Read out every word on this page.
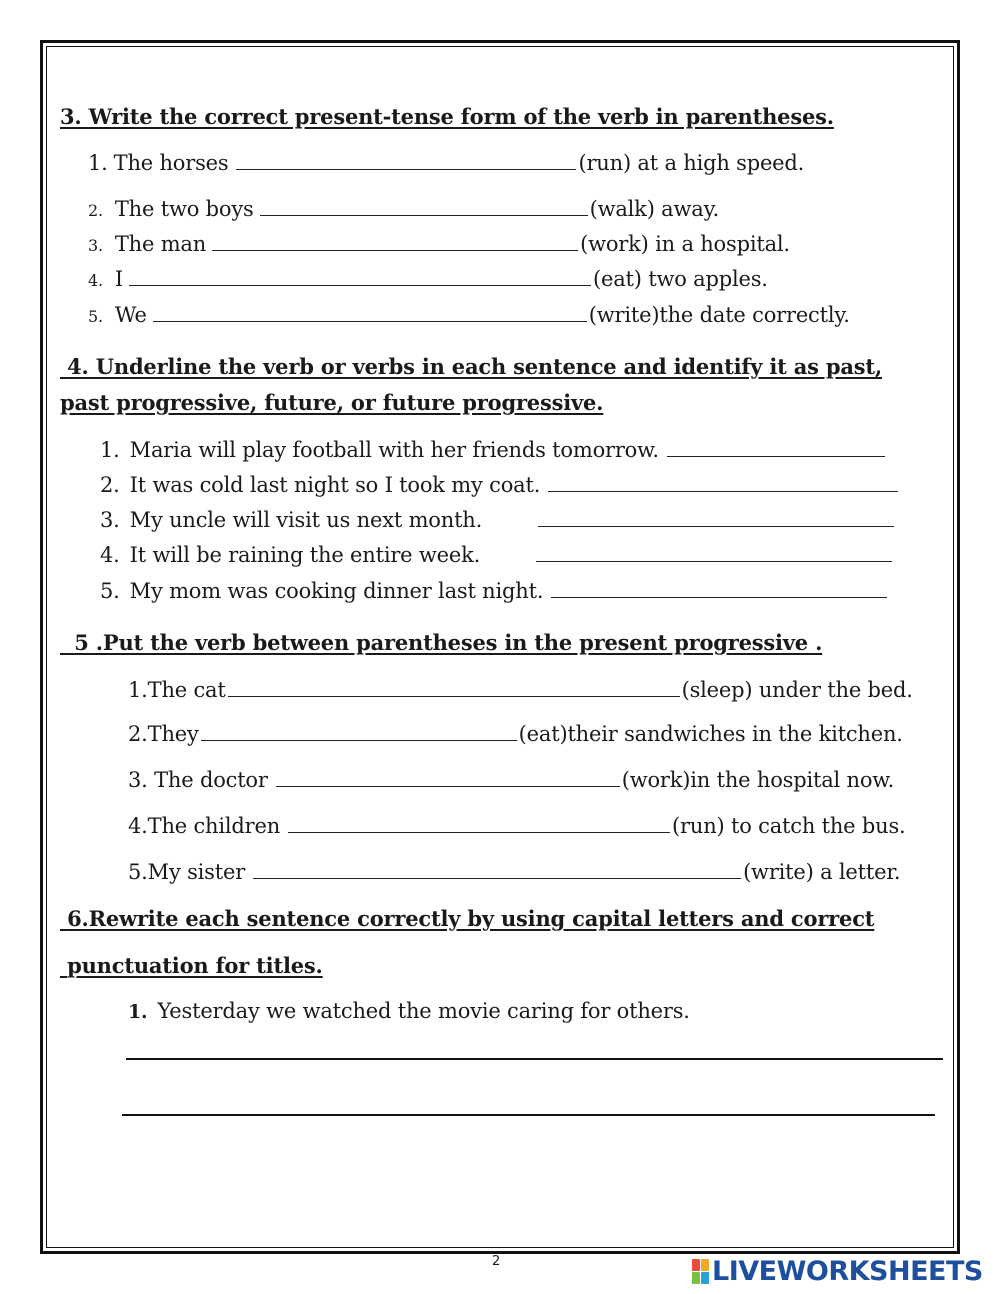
3. Write the correct present-tense form of the verb in parentheses.
1. The horses	(run) at a high speed.
2. The two boys	(walk) away.
3. The man	(work) in a hospital.
4. I	(eat) two apples.
5. We	(write)the date correctly.
4. Underline the verb or verbs in each sentence and identify it as past,
past progressive, future, or future progressive.
1. Maria will play football with her friends tomorrow.
2. It was cold last night so I took my coat.
3. My uncle will visit us next month.
4. It will be raining the entire week.
5. My mom was cooking dinner last night.
5 .Put the verb between parentheses in the present progressive .
1.The cat	(sleep) under the bed.
2.They	(eat)their sandwiches in the kitchen.
3. The doctor	(work)in the hospital now.
4.The children	(run) to catch the bus.
5.My sister	(write) a letter.
6.Rewrite each sentence correctly by using capital letters and correct
punctuation for titles.
1. Yesterday we watched the movie caring for others.
2	LIVEWORKSHEETS
